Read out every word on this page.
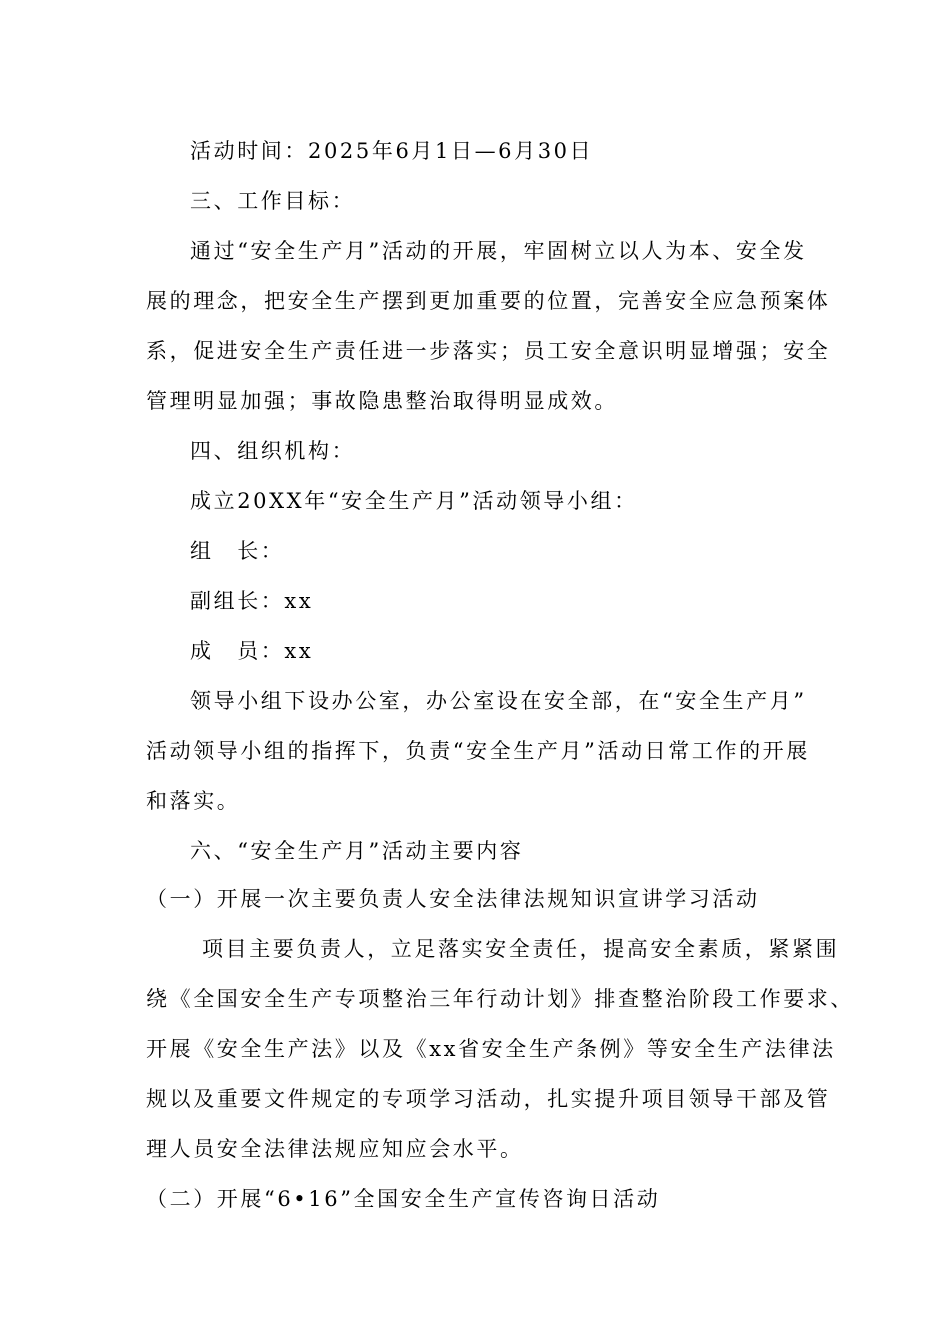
活动时间：2025年6月1日—6月30日
三、工作目标：
通过“安全生产月”活动的开展，牢固树立以人为本、安全发
展的理念，把安全生产摆到更加重要的位置，完善安全应急预案体
系，促进安全生产责任进一步落实；员工安全意识明显增强；安全
管理明显加强；事故隐患整治取得明显成效。
四、组织机构：
成立20XX年“安全生产月”活动领导小组：
组　长：
副组长：xx
成　员：xx
领导小组下设办公室，办公室设在安全部，在“安全生产月”
活动领导小组的指挥下，负责“安全生产月”活动日常工作的开展
和落实。
六、“安全生产月”活动主要内容
（一）开展一次主要负责人安全法律法规知识宣讲学习活动
项目主要负责人，立足落实安全责任，提高安全素质，紧紧围
绕《全国安全生产专项整治三年行动计划》排查整治阶段工作要求、
开展《安全生产法》以及《xx省安全生产条例》等安全生产法律法
规以及重要文件规定的专项学习活动，扎实提升项目领导干部及管
理人员安全法律法规应知应会水平。
（二）开展“6•16”全国安全生产宣传咨询日活动
